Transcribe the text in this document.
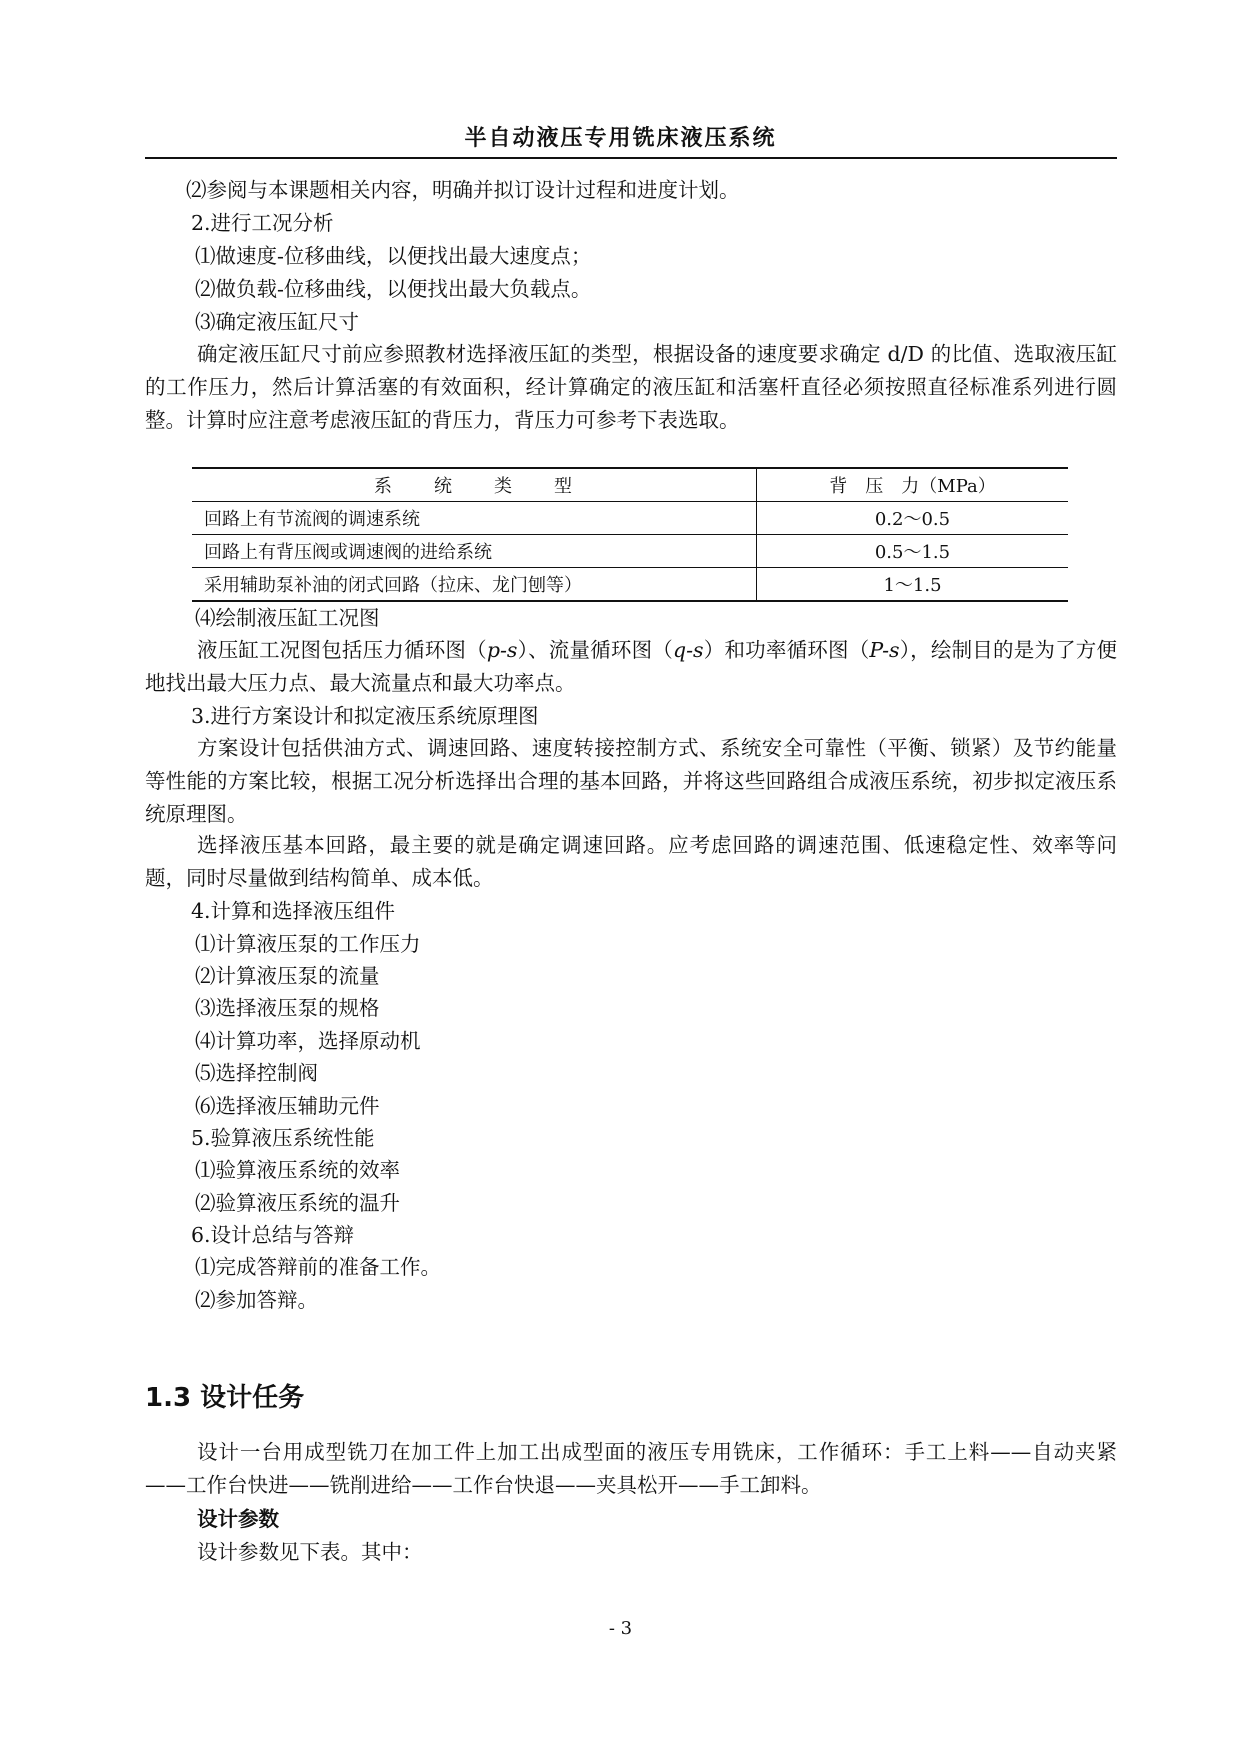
半自动液压专用铣床液压系统
⑵参阅与本课题相关内容，明确并拟订设计过程和进度计划。
2.进行工况分析
⑴做速度-位移曲线，以便找出最大速度点；
⑵做负载-位移曲线，以便找出最大负载点。
⑶确定液压缸尺寸
确定液压缸尺寸前应参照教材选择液压缸的类型，根据设备的速度要求确定 d/D 的比值、选取液压缸的工作压力，然后计算活塞的有效面积，经计算确定的液压缸和活塞杆直径必须按照直径标准系列进行圆整。计算时应注意考虑液压缸的背压力，背压力可参考下表选取。
系　　统　　类　　型	背　压　力（MPa）
回路上有节流阀的调速系统	0.2～0.5
回路上有背压阀或调速阀的进给系统	0.5～1.5
采用辅助泵补油的闭式回路（拉床、龙门刨等）	1～1.5
⑷绘制液压缸工况图
液压缸工况图包括压力循环图（p-s）、流量循环图（q-s）和功率循环图（P-s），绘制目的是为了方便地找出最大压力点、最大流量点和最大功率点。
3.进行方案设计和拟定液压系统原理图
方案设计包括供油方式、调速回路、速度转接控制方式、系统安全可靠性（平衡、锁紧）及节约能量等性能的方案比较，根据工况分析选择出合理的基本回路，并将这些回路组合成液压系统，初步拟定液压系统原理图。
选择液压基本回路，最主要的就是确定调速回路。应考虑回路的调速范围、低速稳定性、效率等问题，同时尽量做到结构简单、成本低。
4.计算和选择液压组件
⑴计算液压泵的工作压力
⑵计算液压泵的流量
⑶选择液压泵的规格
⑷计算功率，选择原动机
⑸选择控制阀
⑹选择液压辅助元件
5.验算液压系统性能
⑴验算液压系统的效率
⑵验算液压系统的温升
6.设计总结与答辩
⑴完成答辩前的准备工作。
⑵参加答辩。
1.3 设计任务
设计一台用成型铣刀在加工件上加工出成型面的液压专用铣床，工作循环：手工上料——自动夹紧——工作台快进——铣削进给——工作台快退——夹具松开——手工卸料。
设计参数
设计参数见下表。其中：
- 3
